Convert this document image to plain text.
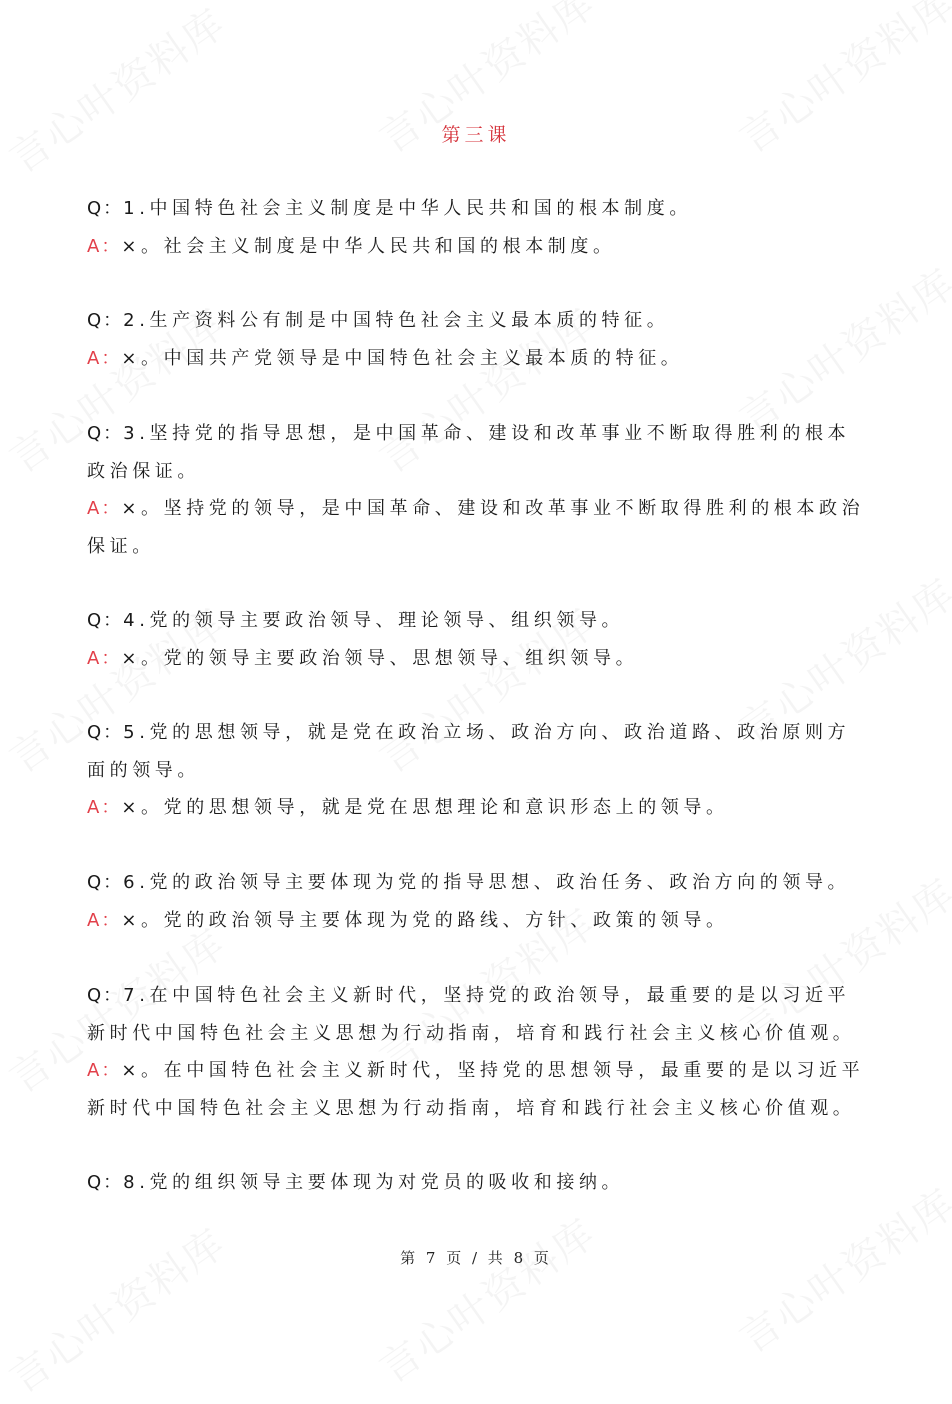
第三课
Q：1.中国特色社会主义制度是中华人民共和国的根本制度。
A：×。社会主义制度是中华人民共和国的根本制度。
Q：2.生产资料公有制是中国特色社会主义最本质的特征。
A：×。中国共产党领导是中国特色社会主义最本质的特征。
Q：3.坚持党的指导思想，是中国革命、建设和改革事业不断取得胜利的根本
政治保证。
A：×。坚持党的领导，是中国革命、建设和改革事业不断取得胜利的根本政治
保证。
Q：4.党的领导主要政治领导、理论领导、组织领导。
A：×。党的领导主要政治领导、思想领导、组织领导。
Q：5.党的思想领导，就是党在政治立场、政治方向、政治道路、政治原则方
面的领导。
A：×。党的思想领导，就是党在思想理论和意识形态上的领导。
Q：6.党的政治领导主要体现为党的指导思想、政治任务、政治方向的领导。
A：×。党的政治领导主要体现为党的路线、方针、政策的领导。
Q：7.在中国特色社会主义新时代，坚持党的政治领导，最重要的是以习近平
新时代中国特色社会主义思想为行动指南，培育和践行社会主义核心价值观。
A：×。在中国特色社会主义新时代，坚持党的思想领导，最重要的是以习近平
新时代中国特色社会主义思想为行动指南，培育和践行社会主义核心价值观。
Q：8.党的组织领导主要体现为对党员的吸收和接纳。
第 7 页 / 共 8 页
